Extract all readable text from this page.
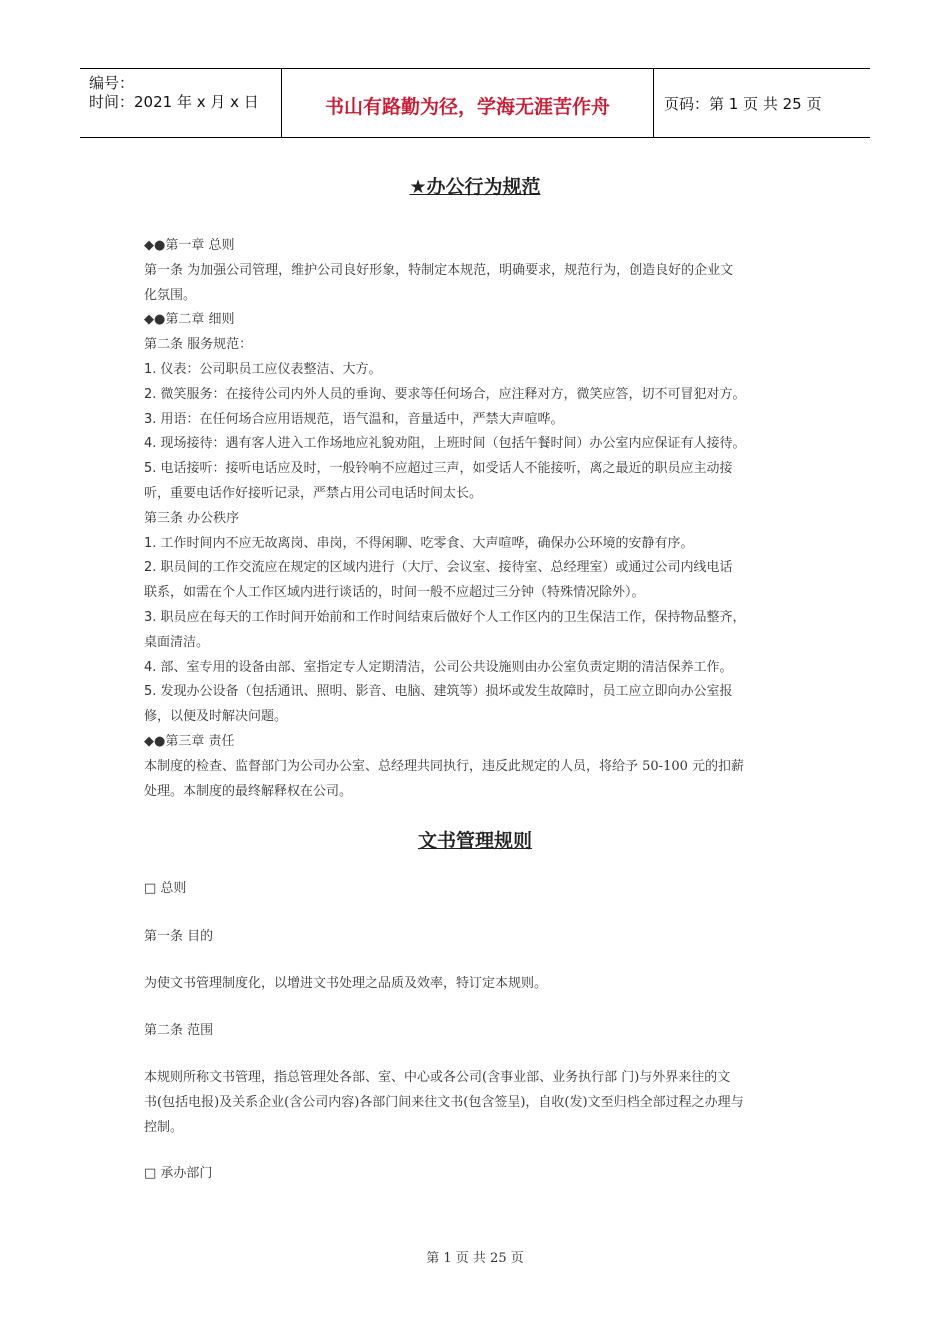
编号：
时间：2021 年 x 月 x 日	书山有路勤为径，学海无涯苦作舟	页码：第 1 页 共 25 页
★办公行为规范
◆●第一章 总则
第一条 为加强公司管理，维护公司良好形象，特制定本规范，明确要求，规范行为，创造良好的企业文
化氛围。
◆●第二章 细则
第二条 服务规范：
1. 仪表：公司职员工应仪表整洁、大方。
2. 微笑服务：在接待公司内外人员的垂询、要求等任何场合，应注释对方，微笑应答，切不可冒犯对方。
3. 用语：在任何场合应用语规范，语气温和，音量适中，严禁大声喧哗。
4. 现场接待：遇有客人进入工作场地应礼貌劝阻，上班时间（包括午餐时间）办公室内应保证有人接待。
5. 电话接听：接听电话应及时，一般铃响不应超过三声，如受话人不能接听，离之最近的职员应主动接
听，重要电话作好接听记录，严禁占用公司电话时间太长。
第三条 办公秩序
1. 工作时间内不应无故离岗、串岗，不得闲聊、吃零食、大声喧哗，确保办公环境的安静有序。
2. 职员间的工作交流应在规定的区域内进行（大厅、会议室、接待室、总经理室）或通过公司内线电话
联系，如需在个人工作区域内进行谈话的，时间一般不应超过三分钟（特殊情况除外）。
3. 职员应在每天的工作时间开始前和工作时间结束后做好个人工作区内的卫生保洁工作，保持物品整齐，
桌面清洁。
4. 部、室专用的设备由部、室指定专人定期清洁，公司公共设施则由办公室负责定期的清洁保养工作。
5. 发现办公设备（包括通讯、照明、影音、电脑、建筑等）损坏或发生故障时，员工应立即向办公室报
修，以便及时解决问题。
◆●第三章 责任
本制度的检查、监督部门为公司办公室、总经理共同执行，违反此规定的人员，将给予 50-100 元的扣薪
处理。本制度的最终解释权在公司。
文书管理规则
□ 总则
第一条 目的
为使文书管理制度化，以增进文书处理之品质及效率，特订定本规则。
第二条 范围
本规则所称文书管理，指总管理处各部、室、中心或各公司(含事业部、业务执行部 门)与外界来往的文
书(包括电报)及关系企业(含公司内容)各部门间来往文书(包含签呈)，自收(发)文至归档全部过程之办理与
控制。
□ 承办部门
第 1 页 共 25 页
